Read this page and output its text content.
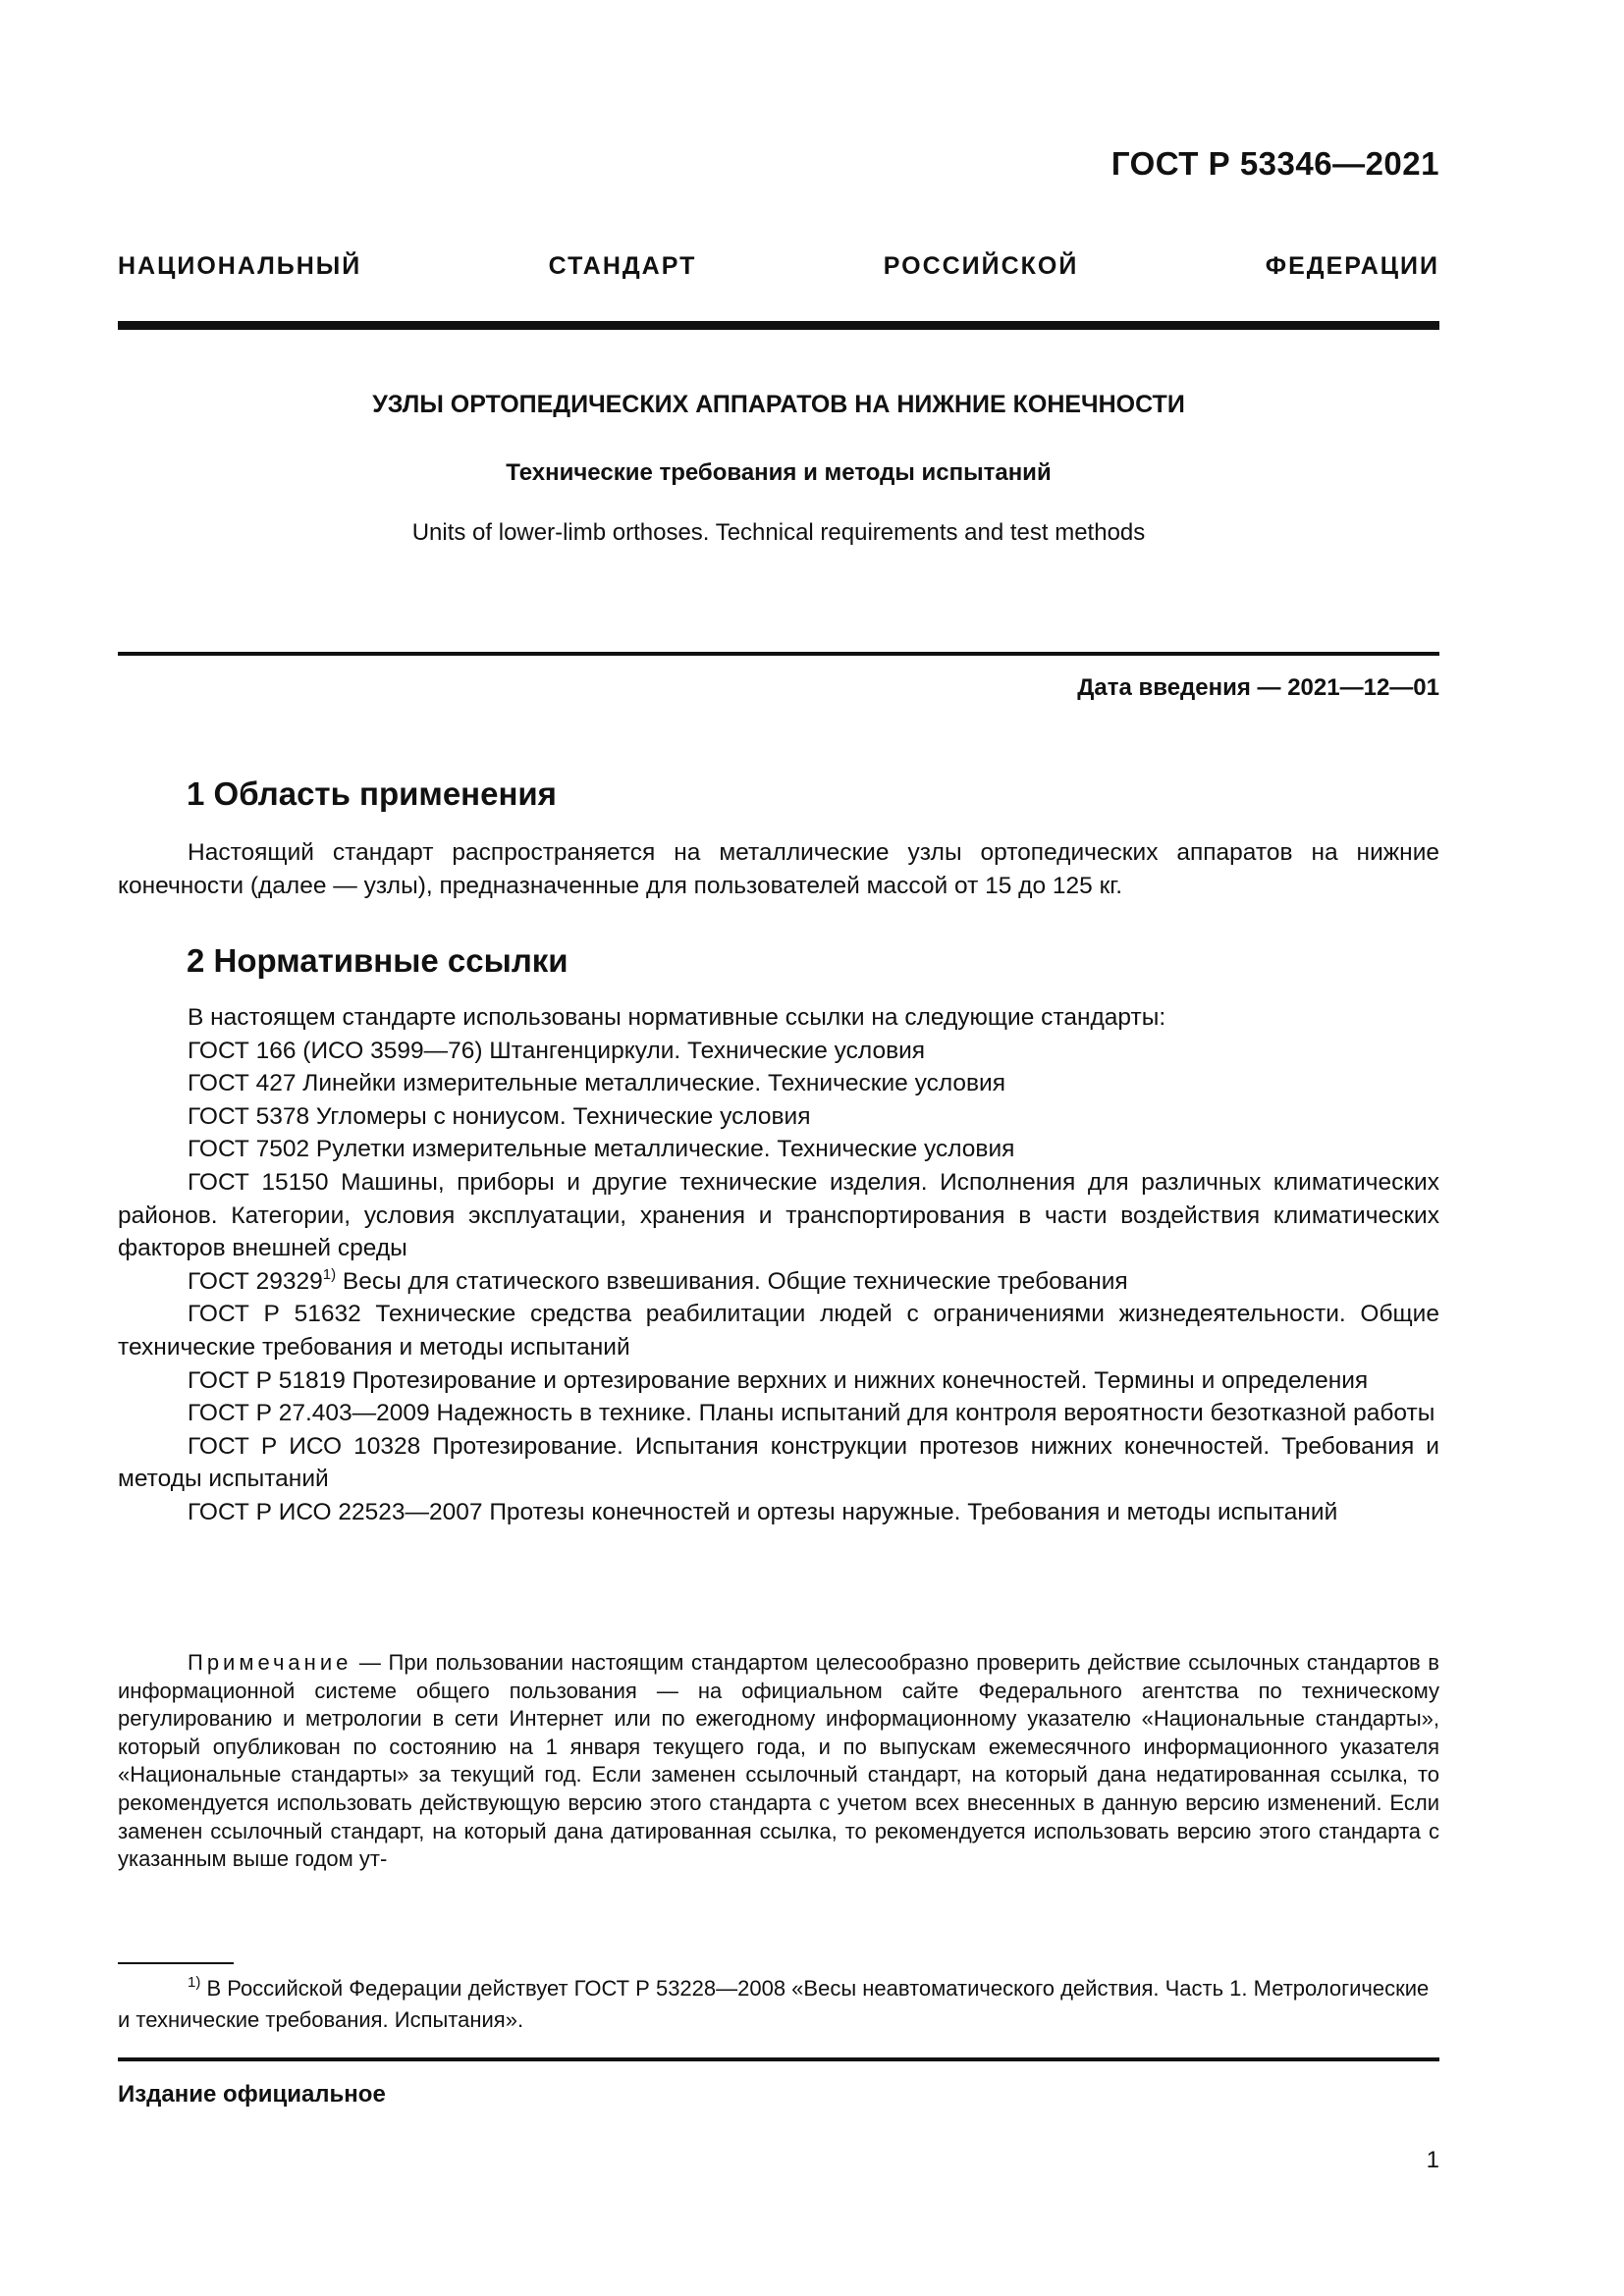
ГОСТ Р 53346—2021
НАЦИОНАЛЬНЫЙ СТАНДАРТ РОССИЙСКОЙ ФЕДЕРАЦИИ
УЗЛЫ ОРТОПЕДИЧЕСКИХ АППАРАТОВ НА НИЖНИЕ КОНЕЧНОСТИ
Технические требования и методы испытаний
Units of lower-limb orthoses. Technical requirements and test methods
Дата введения — 2021—12—01
1 Область применения

Настоящий стандарт распространяется на металлические узлы ортопедических аппаратов на нижние конечности (далее — узлы), предназначенные для пользователей массой от 15 до 125 кг.

2 Нормативные ссылки

В настоящем стандарте использованы нормативные ссылки на следующие стандарты:

ГОСТ 166 (ИСО 3599—76) Штангенциркули. Технические условия

ГОСТ 427 Линейки измерительные металлические. Технические условия

ГОСТ 5378 Угломеры с нониусом. Технические условия

ГОСТ 7502 Рулетки измерительные металлические. Технические условия

ГОСТ 15150 Машины, приборы и другие технические изделия. Исполнения для различных климатических районов. Категории, условия эксплуатации, хранения и транспортирования в части воздействия климатических факторов внешней среды

ГОСТ 29329$^{1)}$ Весы для статического взвешивания. Общие технические требования

ГОСТ Р 51632 Технические средства реабилитации людей с ограничениями жизнедеятельности. Общие технические требования и методы испытаний

ГОСТ Р 51819 Протезирование и ортезирование верхних и нижних конечностей. Термины и определения

ГОСТ Р 27.403—2009 Надежность в технике. Планы испытаний для контроля вероятности безотказной работы

ГОСТ Р ИСО 10328 Протезирование. Испытания конструкции протезов нижних конечностей. Требования и методы испытаний

ГОСТ Р ИСО 22523—2007 Протезы конечностей и ортезы наружные. Требования и методы испытаний

Примечание — При пользовании настоящим стандартом целесообразно проверить действие ссылочных стандартов в информационной системе общего пользования — на официальном сайте Федерального агентства по техническому регулированию и метрологии в сети Интернет или по ежегодному информационному указателю «Национальные стандарты», который опубликован по состоянию на 1 января текущего года, и по выпускам ежемесячного информационного указателя «Национальные стандарты» за текущий год. Если заменен ссылочный стандарт, на который дана недатированная ссылка, то рекомендуется использовать действующую версию этого стандарта с учетом всех внесенных в данную версию изменений. Если заменен ссылочный стандарт, на который дана датированная ссылка, то рекомендуется использовать версию этого стандарта с указанным выше годом ут-

$^{1)}$ В Российской Федерации действует ГОСТ Р 53228—2008 «Весы неавтоматического действия. Часть 1. Метрологические и технические требования. Испытания».

Издание официальное
1
